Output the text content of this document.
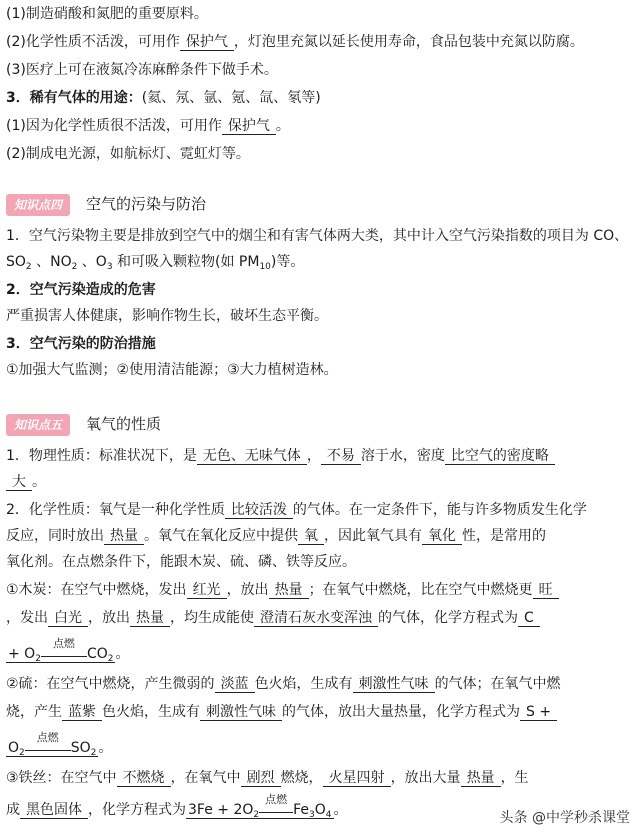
(1)制造硝酸和氮肥的重要原料。
(2)化学性质不活泼，可用作 保护气 ，灯泡里充氮以延长使用寿命，食品包装中充氮以防腐。
(3)医疗上可在液氮冷冻麻醉条件下做手术。
3．稀有气体的用途：(氦、氖、氩、氪、氙、氡等)
(1)因为化学性质很不活泼，可用作 保护气 。
(2)制成电光源，如航标灯、霓虹灯等。
知识点四 空气的污染与防治
1．空气污染物主要是排放到空气中的烟尘和有害气体两大类，其中计入空气污染指数的项目为 CO、
$SO_2$ 、$NO_2$ 、$O_3$ 和可吸入颗粒物(如 $PM_{10}$)等。
2．空气污染造成的危害
严重损害人体健康，影响作物生长，破坏生态平衡。
3．空气污染的防治措施
①加强大气监测；②使用清洁能源；③大力植树造林。
知识点五 氧气的性质
1．物理性质：标准状况下，是 无色、无味气体 ， 不易 溶于水，密度 比空气的密度略
大 。
2．化学性质：氧气是一种化学性质 比较活泼 的气体。在一定条件下，能与许多物质发生化学
反应，同时放出 热量 。氧气在氧化反应中提供 氧 ，因此氧气具有 氧化 性，是常用的
氧化剂。在点燃条件下，能跟木炭、硫、磷、铁等反应。
①木炭：在空气中燃烧，发出 红光 ，放出 热量 ；在氧气中燃烧，比在空气中燃烧更 旺
，发出 白光 ，放出 热量 ，均生成能使 澄清石灰水变浑浊 的气体，化学方程式为 C
+ $O_2$
点燃
$CO_2$ 。
②硫：在空气中燃烧，产生微弱的 淡蓝 色火焰，生成有 刺激性气味 的气体；在氧气中燃
烧，产生 蓝紫 色火焰，生成有 刺激性气味 的气体，放出大量热量，化学方程式为 S +
$O_2$
点燃
$SO_2$ 。
③铁丝：在空气中 不燃烧 ，在氧气中 剧烈 燃烧， 火星四射 ，放出大量 热量 ，生
成 黑色固体 ，化学方程式为 $3Fe + 2O_2$
点燃
$Fe_3O_4$ 。	头条 @中学秒杀课堂
